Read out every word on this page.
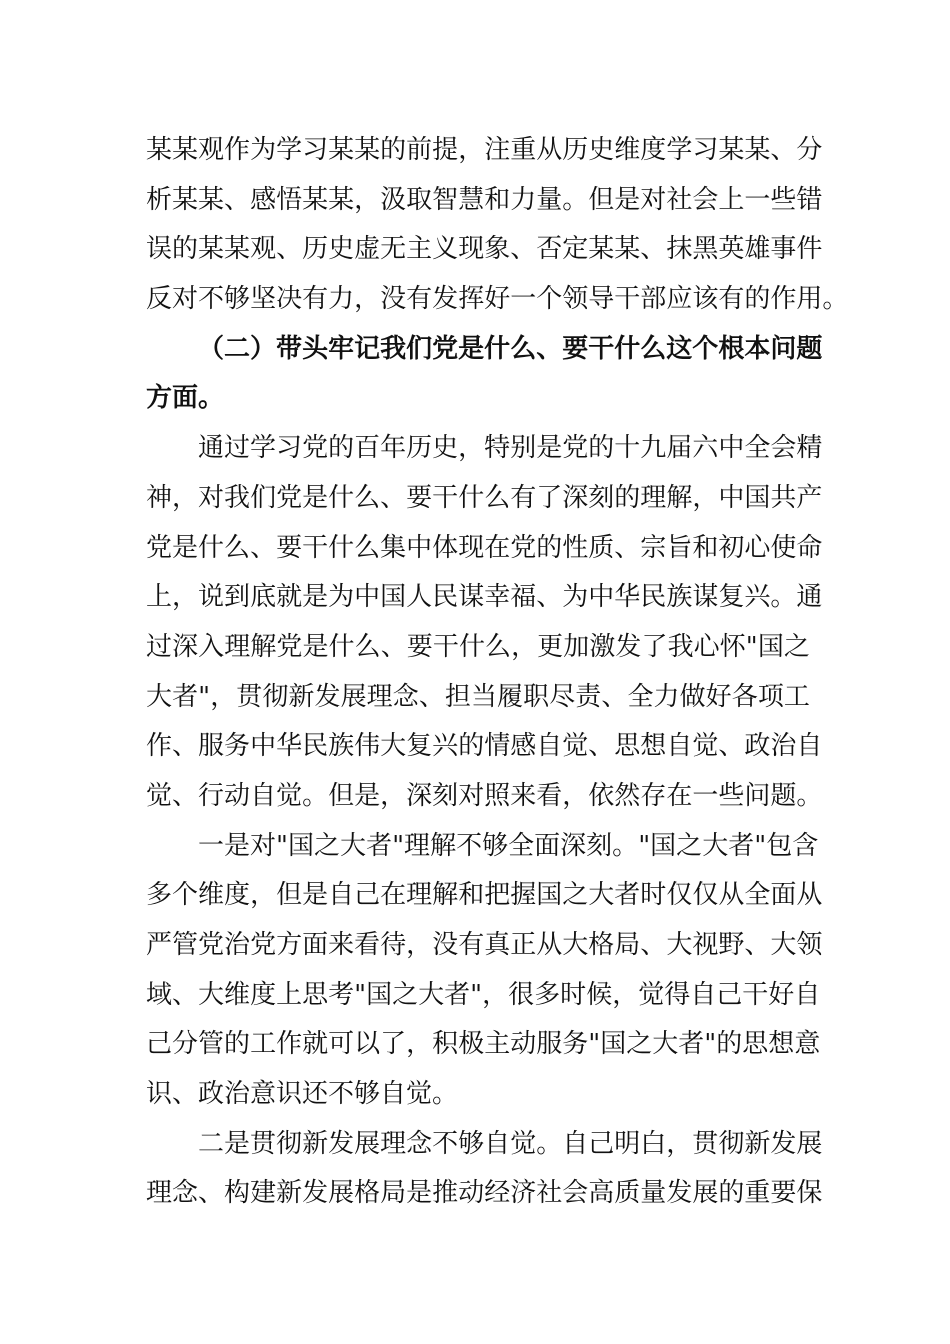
某 某 观 作 为 学 习 某 某 的 前 提 ， 注 重 从 历 史 维 度 学 习 某 某 、 分
析 某 某 、 感 悟 某 某 ， 汲 取 智 慧 和 力 量 。 但 是 对 社 会 上 一 些 错
误 的 某 某 观 、 历 史 虚 无 主 义 现 象 、 否 定 某 某 、 抹 黑 英 雄 事 件
反 对 不 够 坚 决 有 力 ， 没 有 发 挥 好 一 个 领 导 干 部 应 该 有 的 作 用 。
（ 二 ） 带 头 牢 记 我 们 党 是 什 么 、 要 干 什 么 这 个 根 本 问 题
方面。
通 过 学 习 党 的 百 年 历 史 ， 特 别 是 党 的 十 九 届 六 中 全 会 精
神 ， 对 我 们 党 是 什 么 、 要 干 什 么 有 了 深 刻 的 理 解 ， 中 国 共 产
党 是 什 么 、 要 干 什 么 集 中 体 现 在 党 的 性 质 、 宗 旨 和 初 心 使 命
上 ， 说 到 底 就 是 为 中 国 人 民 谋 幸 福 、 为 中 华 民 族 谋 复 兴 。 通
过 深 入 理 解 党 是 什 么 、 要 干 什 么 ， 更 加 激 发 了 我 心 怀 " 国 之
大 者 " ， 贯 彻 新 发 展 理 念 、 担 当 履 职 尽 责 、 全 力 做 好 各 项 工
作 、 服 务 中 华 民 族 伟 大 复 兴 的 情 感 自 觉 、 思 想 自 觉 、 政 治 自
觉 、 行 动 自 觉 。 但 是 ， 深 刻 对 照 来 看 ， 依 然 存 在 一 些 问 题 。
一 是 对 " 国 之 大 者 " 理 解 不 够 全 面 深 刻 。 " 国 之 大 者 " 包 含
多 个 维 度 ， 但 是 自 己 在 理 解 和 把 握 国 之 大 者 时 仅 仅 从 全 面 从
严 管 党 治 党 方 面 来 看 待 ， 没 有 真 正 从 大 格 局 、 大 视 野 、 大 领
域 、 大 维 度 上 思 考 " 国 之 大 者 " ， 很 多 时 候 ， 觉 得 自 己 干 好 自
己 分 管 的 工 作 就 可 以 了 ， 积 极 主 动 服 务 " 国 之 大 者 " 的 思 想 意
识、政治意识还不够自觉。
二 是 贯 彻 新 发 展 理 念 不 够 自 觉 。 自 己 明 白 ， 贯 彻 新 发 展
理 念 、 构 建 新 发 展 格 局 是 推 动 经 济 社 会 高 质 量 发 展 的 重 要 保
